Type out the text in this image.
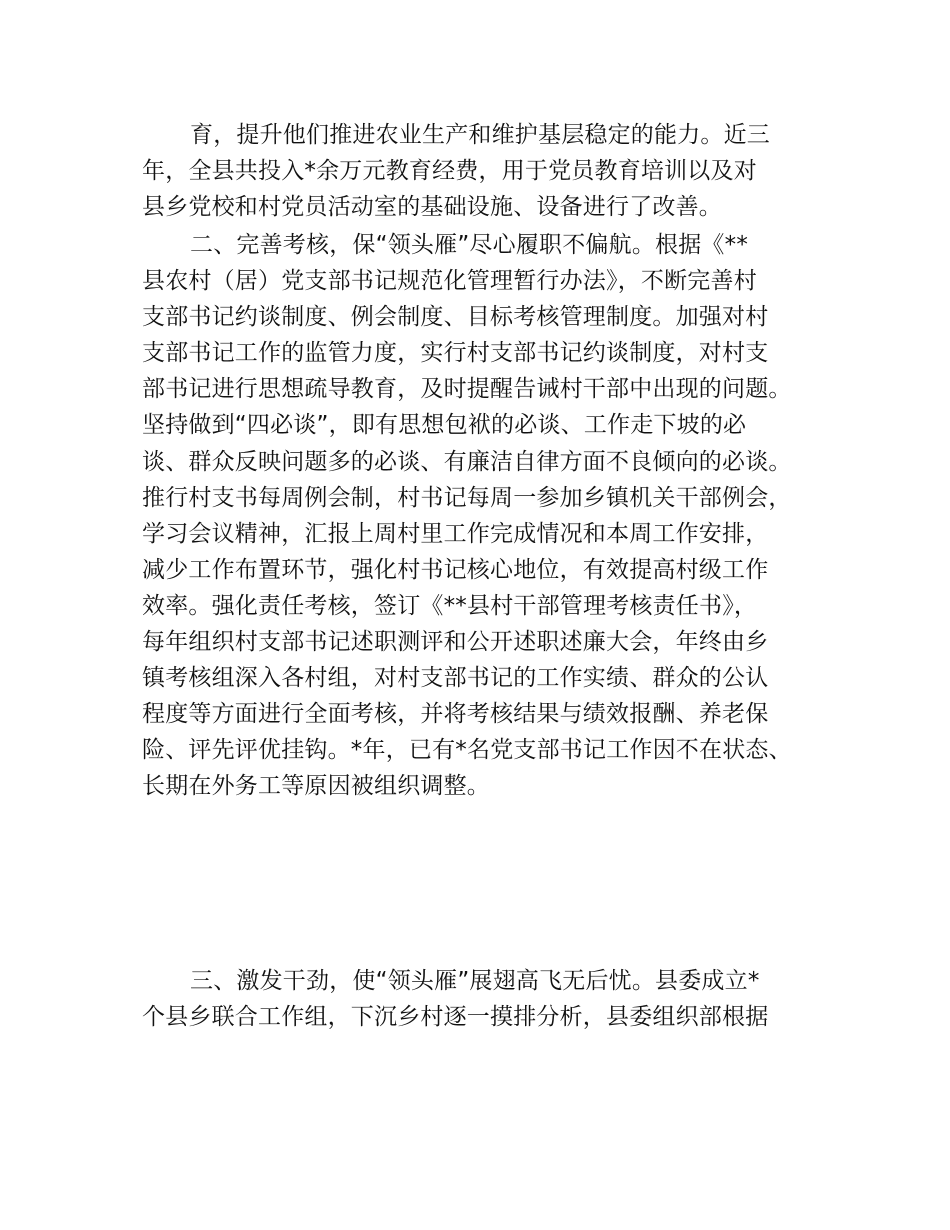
育，提升他们推进农业生产和维护基层稳定的能力。近三
年，全县共投入*余万元教育经费，用于党员教育培训以及对
县乡党校和村党员活动室的基础设施、设备进行了改善。
二、完善考核，保“领头雁”尽心履职不偏航。根据《**
县农村（居）党支部书记规范化管理暂行办法》，不断完善村
支部书记约谈制度、例会制度、目标考核管理制度。加强对村
支部书记工作的监管力度，实行村支部书记约谈制度，对村支
部书记进行思想疏导教育，及时提醒告诫村干部中出现的问题。
坚持做到“四必谈”，即有思想包袱的必谈、工作走下坡的必
谈、群众反映问题多的必谈、有廉洁自律方面不良倾向的必谈。
推行村支书每周例会制，村书记每周一参加乡镇机关干部例会，
学习会议精神，汇报上周村里工作完成情况和本周工作安排，
减少工作布置环节，强化村书记核心地位，有效提高村级工作
效率。强化责任考核，签订《**县村干部管理考核责任书》，
每年组织村支部书记述职测评和公开述职述廉大会，年终由乡
镇考核组深入各村组，对村支部书记的工作实绩、群众的公认
程度等方面进行全面考核，并将考核结果与绩效报酬、养老保
险、评先评优挂钩。*年，已有*名党支部书记工作因不在状态、
长期在外务工等原因被组织调整。
三、激发干劲，使“领头雁”展翅高飞无后忧。县委成立*
个县乡联合工作组，下沉乡村逐一摸排分析，县委组织部根据
